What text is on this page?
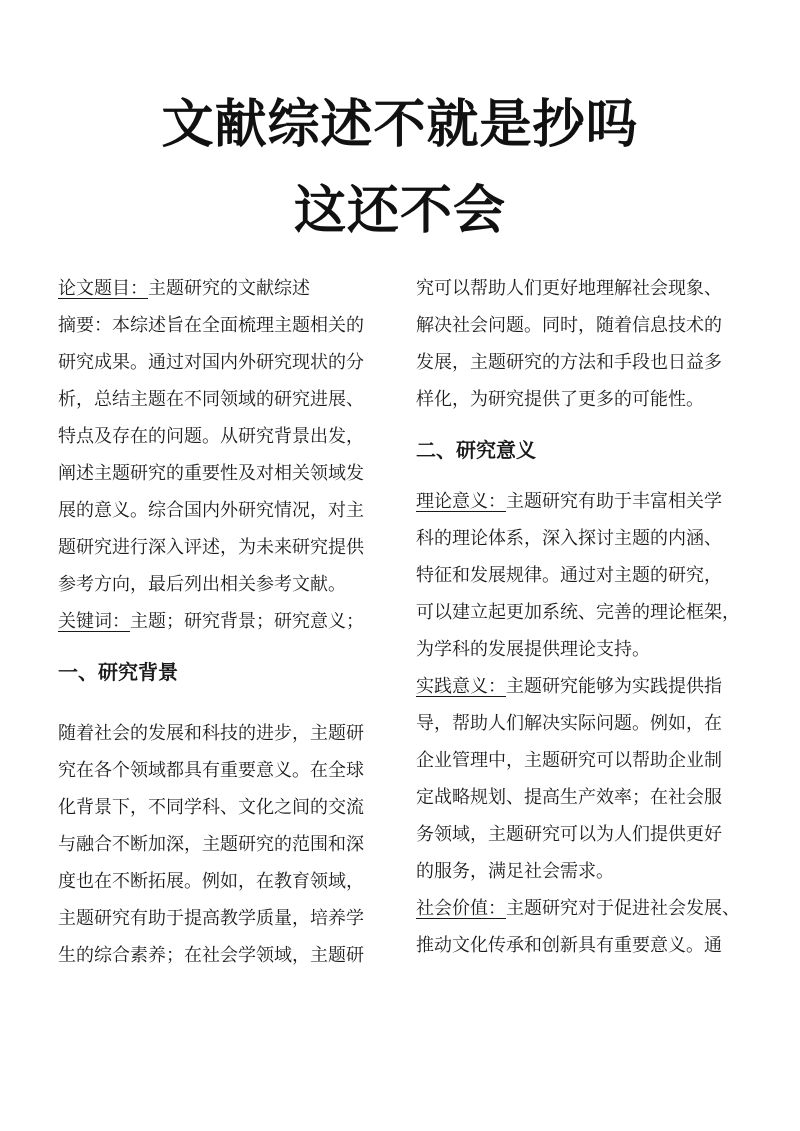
文献综述不就是抄吗
这还不会
论文题目：主题研究的文献综述
摘要：本综述旨在全面梳理主题相关的
研究成果。通过对国内外研究现状的分
析，总结主题在不同领域的研究进展、
特点及存在的问题。从研究背景出发，
阐述主题研究的重要性及对相关领域发
展的意义。综合国内外研究情况，对主
题研究进行深入评述，为未来研究提供
参考方向，最后列出相关参考文献。
关键词：主题；研究背景；研究意义；
一、研究背景
随着社会的发展和科技的进步，主题研
究在各个领域都具有重要意义。在全球
化背景下，不同学科、文化之间的交流
与融合不断加深，主题研究的范围和深
度也在不断拓展。例如，在教育领域，
主题研究有助于提高教学质量，培养学
生的综合素养；在社会学领域，主题研
究可以帮助人们更好地理解社会现象、
解决社会问题。同时，随着信息技术的
发展，主题研究的方法和手段也日益多
样化，为研究提供了更多的可能性。
二、研究意义
理论意义：主题研究有助于丰富相关学
科的理论体系，深入探讨主题的内涵、
特征和发展规律。通过对主题的研究，
可以建立起更加系统、完善的理论框架，
为学科的发展提供理论支持。
实践意义：主题研究能够为实践提供指
导，帮助人们解决实际问题。例如，在
企业管理中，主题研究可以帮助企业制
定战略规划、提高生产效率；在社会服
务领域，主题研究可以为人们提供更好
的服务，满足社会需求。
社会价值：主题研究对于促进社会发展、
推动文化传承和创新具有重要意义。通
